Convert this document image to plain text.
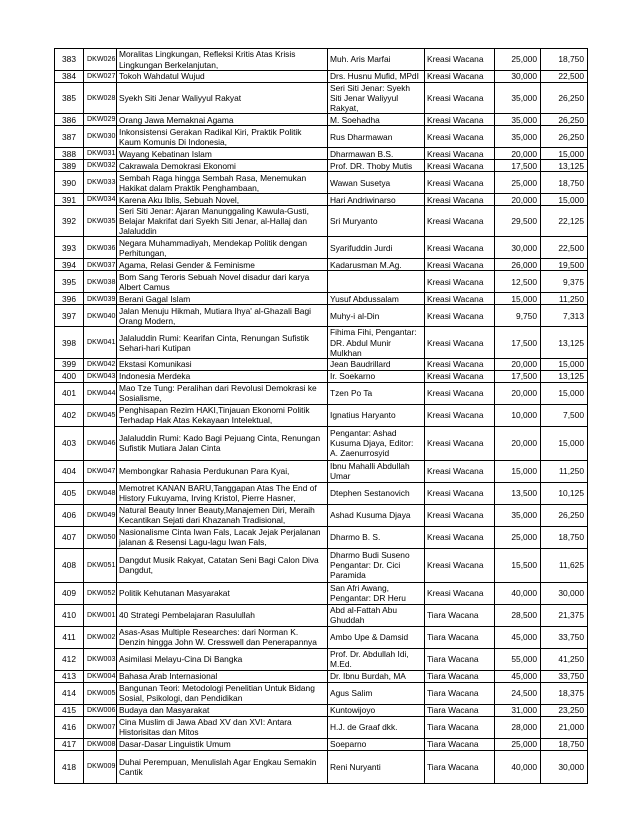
383	DKW026	Moralitas Lingkungan, Refleksi Kritis Atas Krisis Lingkungan Berkelanjutan,	Muh. Aris Marfai	Kreasi Wacana	25,000	18,750
384	DKW027	Tokoh Wahdatul Wujud	Drs. Husnu Mufid, MPdI	Kreasi Wacana	30,000	22,500
385	DKW028	Syekh Siti Jenar Waliyyul Rakyat	Seri Siti Jenar: Syekh Siti Jenar Waliyyul Rakyat,	Kreasi Wacana	35,000	26,250
386	DKW029	Orang Jawa Memaknai Agama	M. Soehadha	Kreasi Wacana	35,000	26,250
387	DKW030	Inkonsistensi Gerakan Radikal Kiri, Praktik Politik Kaum Komunis Di Indonesia,	Rus Dharmawan	Kreasi Wacana	35,000	26,250
388	DKW031	Wayang Kebatinan Islam	Dharmawan B.S.	Kreasi Wacana	20,000	15,000
389	DKW032	Cakrawala Demokrasi Ekonomi	Prof. DR. Thoby Mutis	Kreasi Wacana	17,500	13,125
390	DKW033	Sembah Raga hingga Sembah Rasa, Menemukan Hakikat dalam Praktik Penghambaan,	Wawan Susetya	Kreasi Wacana	25,000	18,750
391	DKW034	Karena Aku Iblis, Sebuah Novel,	Hari Andriwinarso	Kreasi Wacana	20,000	15,000
392	DKW035	Seri Siti Jenar: Ajaran Manunggaling Kawula-Gusti, Belajar Makrifat dari Syekh Siti Jenar, al-Hallaj dan Jalaluddin	Sri Muryanto	Kreasi Wacana	29,500	22,125
393	DKW036	Negara Muhammadiyah, Mendekap Politik dengan Perhitungan,	Syarifuddin Jurdi	Kreasi Wacana	30,000	22,500
394	DKW037	Agama, Relasi Gender & Feminisme	Kadarusman M.Ag.	Kreasi Wacana	26,000	19,500
395	DKW038	Bom Sang Teroris Sebuah Novel disadur dari karya Albert Camus		Kreasi Wacana	12,500	9,375
396	DKW039	Berani Gagal Islam	Yusuf Abdussalam	Kreasi Wacana	15,000	11,250
397	DKW040	Jalan Menuju Hikmah, Mutiara Ihya' al-Ghazali Bagi Orang Modern,	Muhy-i al-Din	Kreasi Wacana	9,750	7,313
398	DKW041	Jalaluddin Rumi: Kearifan Cinta, Renungan Sufistik Sehari-hari Kutipan	Fihima Fihi, Pengantar: DR. Abdul Munir Mulkhan	Kreasi Wacana	17,500	13,125
399	DKW042	Ekstasi Komunikasi	Jean Baudrillard	Kreasi Wacana	20,000	15,000
400	DKW043	Indonesia Merdeka	Ir. Soekarno	Kreasi Wacana	17,500	13,125
401	DKW044	Mao Tze Tung: Peralihan dari Revolusi Demokrasi ke Sosialisme,	Tzen Po Ta	Kreasi Wacana	20,000	15,000
402	DKW045	Penghisapan Rezim HAKI,Tinjauan Ekonomi Politik Terhadap Hak Atas Kekayaan Intelektual,	Ignatius Haryanto	Kreasi Wacana	10,000	7,500
403	DKW046	Jalaluddin Rumi: Kado Bagi Pejuang Cinta, Renungan Sufistik Mutiara Jalan Cinta	Pengantar: Ashad Kusuma Djaya, Editor: A. Zaenurrosyid	Kreasi Wacana	20,000	15,000
404	DKW047	Membongkar Rahasia Perdukunan Para Kyai,	Ibnu Mahalli Abdullah Umar	Kreasi Wacana	15,000	11,250
405	DKW048	Memotret KANAN BARU,Tanggapan Atas The End of History Fukuyama, Irving Kristol, Pierre Hasner,	Dtephen Sestanovich	Kreasi Wacana	13,500	10,125
406	DKW049	Natural Beauty Inner Beauty,Manajemen Diri, Meraih Kecantikan Sejati dari Khazanah Tradisional,	Ashad Kusuma Djaya	Kreasi Wacana	35,000	26,250
407	DKW050	Nasionalisme Cinta Iwan Fals, Lacak Jejak Perjalanan jalanan & Resensi Lagu-lagu Iwan Fals,	Dharmo B. S.	Kreasi Wacana	25,000	18,750
408	DKW051	Dangdut Musik Rakyat, Catatan Seni Bagi Calon Diva Dangdut,	Dharmo Budi Suseno Pengantar: Dr. Cici Paramida	Kreasi Wacana	15,500	11,625
409	DKW052	Politik Kehutanan Masyarakat	San Afri Awang, Pengantar: DR Heru	Kreasi Wacana	40,000	30,000
410	DKW001	40 Strategi Pembelajaran Rasulullah	Abd al-Fattah Abu Ghuddah	Tiara Wacana	28,500	21,375
411	DKW002	Asas-Asas Multiple Researches: dari Norman K. Denzin hingga John W. Cresswell dan Penerapannya	Ambo Upe & Damsid	Tiara Wacana	45,000	33,750
412	DKW003	Asimilasi Melayu-Cina Di Bangka	Prof. Dr. Abdullah Idi, M.Ed.	Tiara Wacana	55,000	41,250
413	DKW004	Bahasa Arab Internasional	Dr. Ibnu Burdah, MA	Tiara Wacana	45,000	33,750
414	DKW005	Bangunan Teori: Metodologi Penelitian Untuk Bidang Sosial, Psikologi, dan Pendidikan	Agus Salim	Tiara Wacana	24,500	18,375
415	DKW006	Budaya dan Masyarakat	Kuntowijoyo	Tiara Wacana	31,000	23,250
416	DKW007	Cina Muslim di Jawa Abad XV dan XVI: Antara Historisitas dan Mitos	H.J. de Graaf dkk.	Tiara Wacana	28,000	21,000
417	DKW008	Dasar-Dasar Linguistik Umum	Soeparno	Tiara Wacana	25,000	18,750
418	DKW009	Duhai Perempuan, Menulislah Agar Engkau Semakin Cantik	Reni Nuryanti	Tiara Wacana	40,000	30,000
